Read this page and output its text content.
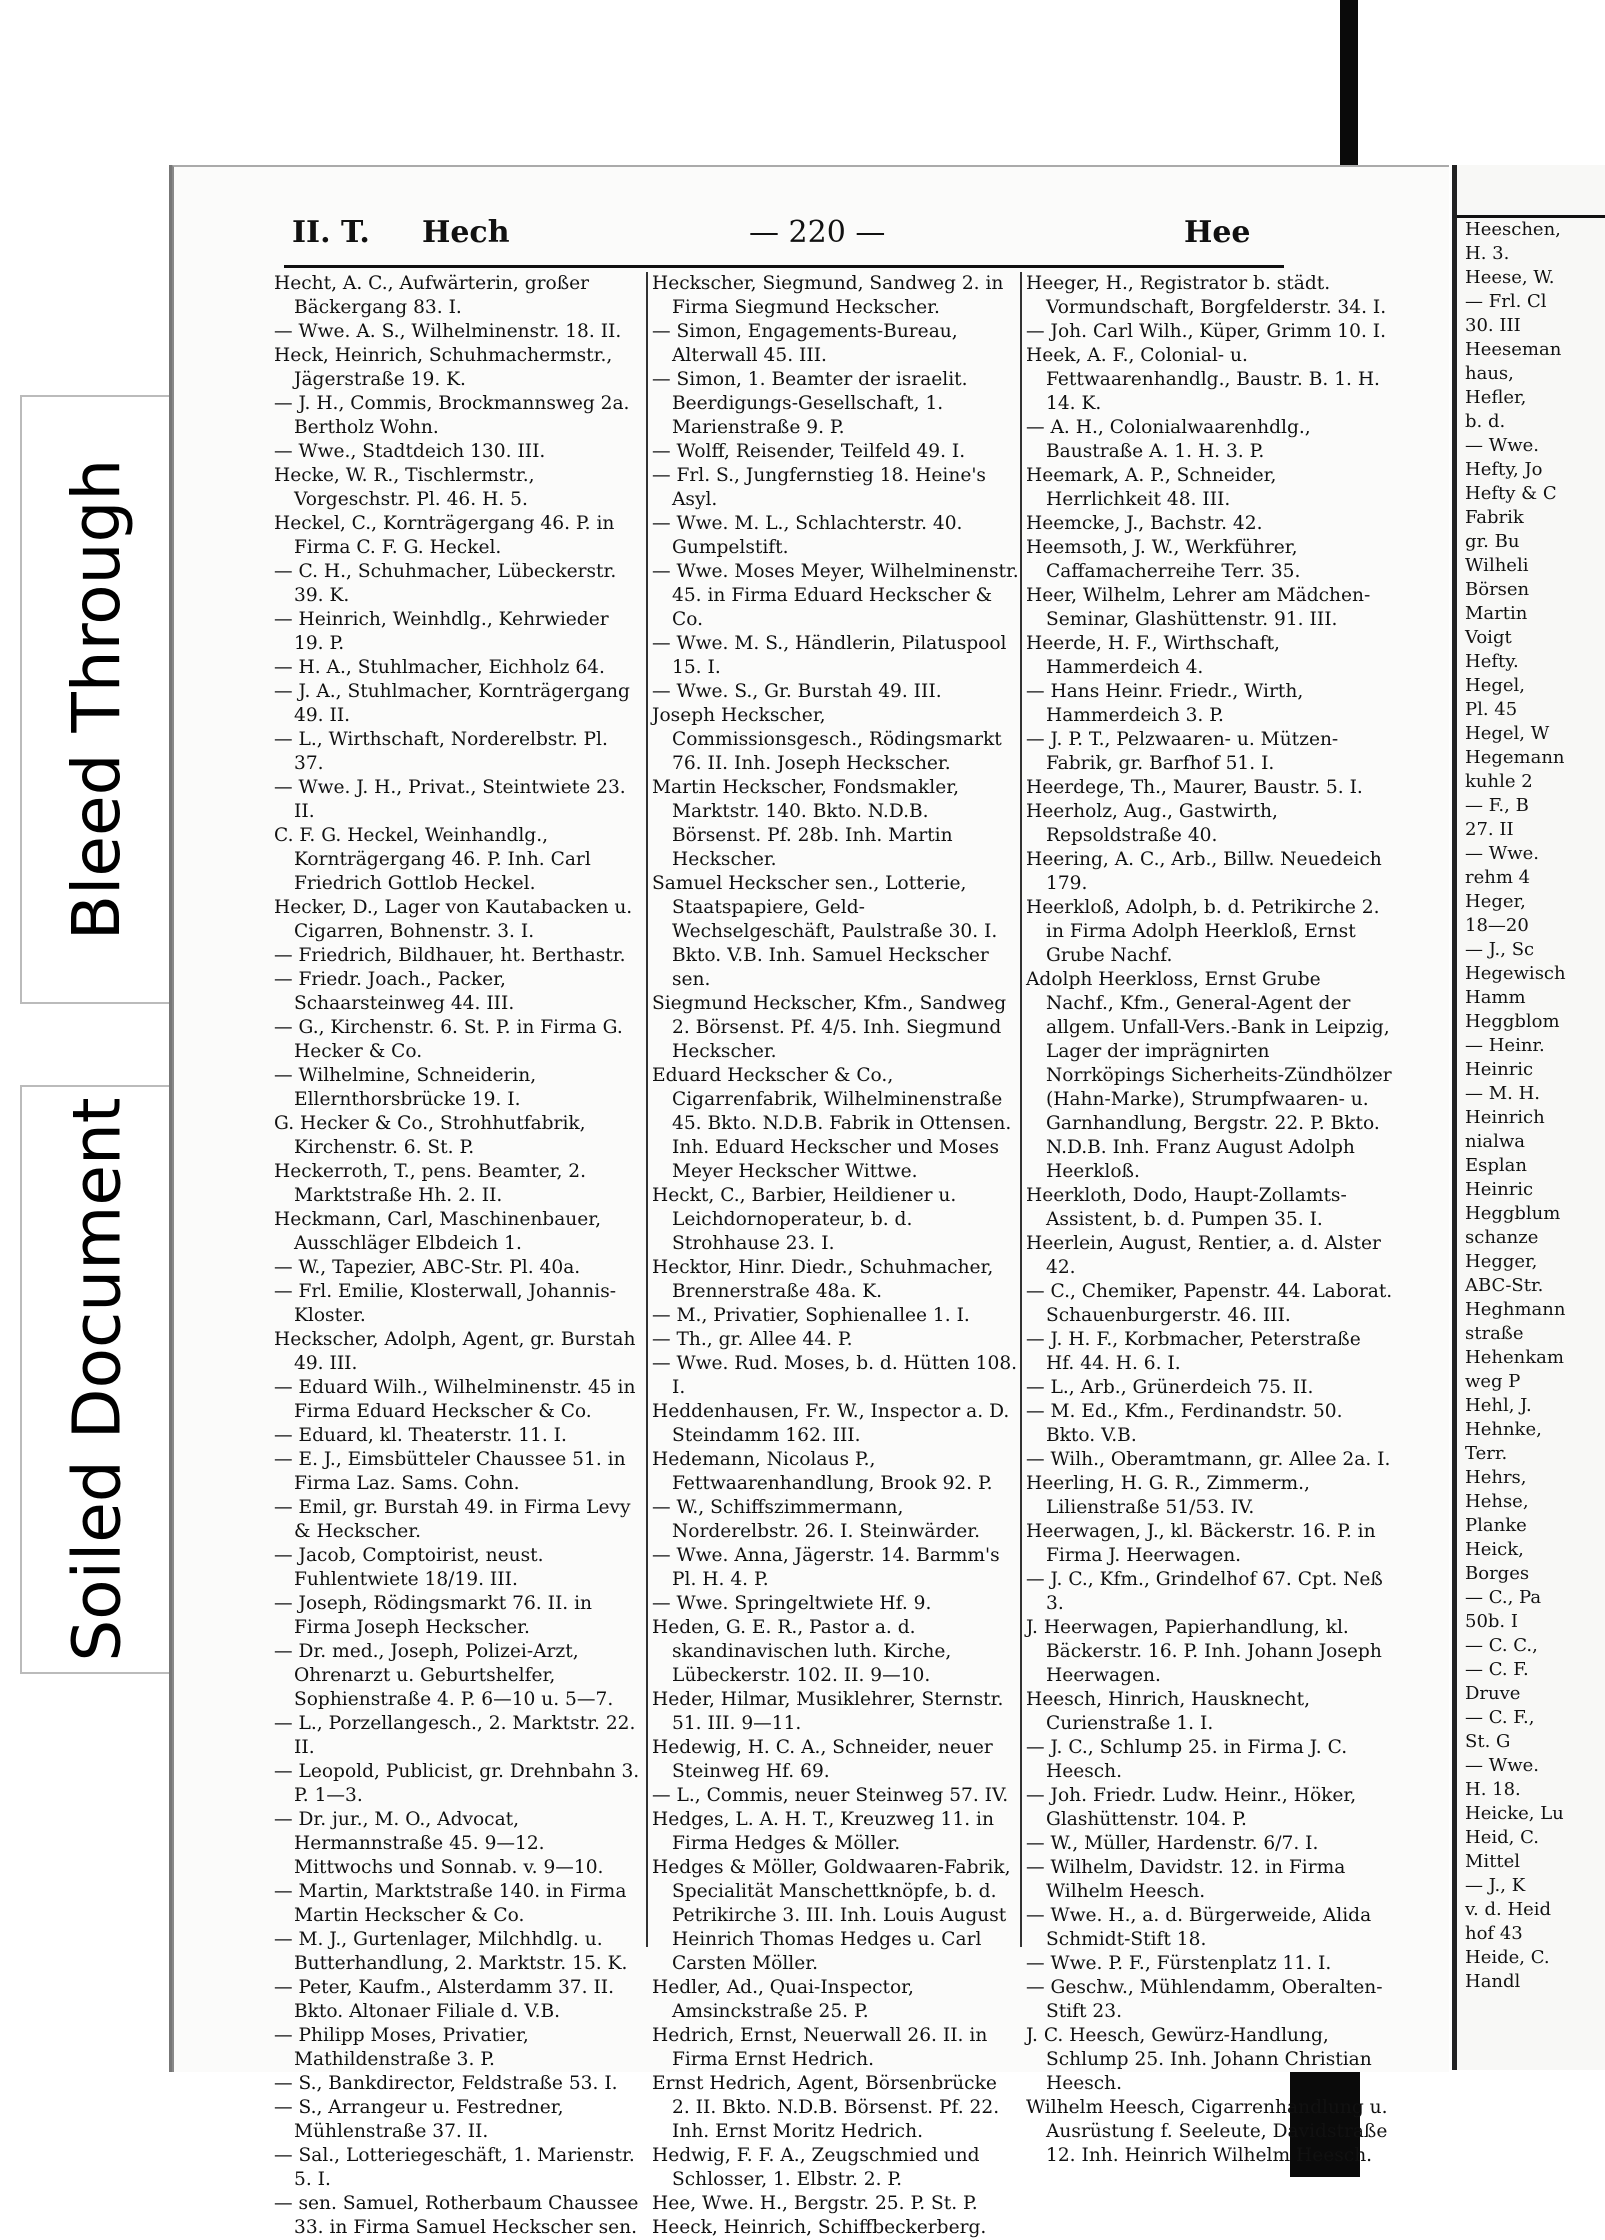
Bleed Through
Soiled Document
II. T. Hech	— 220 —	Hee

Hecht, A. C., Aufwärterin, großer Bäckergang 83. I.

— Wwe. A. S., Wilhelminenstr. 18. II.

Heck, Heinrich, Schuhmachermstr., Jägerstraße 19. K.

— J. H., Commis, Brockmannsweg 2a. Bertholz Wohn.

— Wwe., Stadtdeich 130. III.

Hecke, W. R., Tischlermstr., Vorgeschstr. Pl. 46. H. 5.

Heckel, C., Kornträgergang 46. P. in Firma C. F. G. Heckel.

— C. H., Schuhmacher, Lübeckerstr. 39. K.

— Heinrich, Weinhdlg., Kehrwieder 19. P.

— H. A., Stuhlmacher, Eichholz 64.

— J. A., Stuhlmacher, Kornträgergang 49. II.

— L., Wirthschaft, Norderelbstr. Pl. 37.

— Wwe. J. H., Privat., Steintwiete 23. II.

C. F. G. Heckel, Weinhandlg., Kornträgergang 46. P. Inh. Carl Friedrich Gottlob Heckel.

Hecker, D., Lager von Kautabacken u. Cigarren, Bohnenstr. 3. I.

— Friedrich, Bildhauer, ht. Berthastr.

— Friedr. Joach., Packer, Schaarsteinweg 44. III.

— G., Kirchenstr. 6. St. P. in Firma G. Hecker & Co.

— Wilhelmine, Schneiderin, Ellernthorsbrücke 19. I.

G. Hecker & Co., Strohhutfabrik, Kirchenstr. 6. St. P.

Heckerroth, T., pens. Beamter, 2. Marktstraße Hh. 2. II.

Heckmann, Carl, Maschinenbauer, Ausschläger Elbdeich 1.

— W., Tapezier, ABC-Str. Pl. 40a.

— Frl. Emilie, Klosterwall, Johannis-Kloster.

Heckscher, Adolph, Agent, gr. Burstah 49. III.

— Eduard Wilh., Wilhelminenstr. 45 in Firma Eduard Heckscher & Co.

— Eduard, kl. Theaterstr. 11. I.

— E. J., Eimsbütteler Chaussee 51. in Firma Laz. Sams. Cohn.

— Emil, gr. Burstah 49. in Firma Levy & Heckscher.

— Jacob, Comptoirist, neust. Fuhlentwiete 18/19. III.

— Joseph, Rödingsmarkt 76. II. in Firma Joseph Heckscher.

— Dr. med., Joseph, Polizei-Arzt, Ohrenarzt u. Geburtshelfer, Sophienstraße 4. P. 6—10 u. 5—7.

— L., Porzellangesch., 2. Marktstr. 22. II.

— Leopold, Publicist, gr. Drehnbahn 3. P. 1—3.

— Dr. jur., M. O., Advocat, Hermannstraße 45. 9—12. Mittwochs und Sonnab. v. 9—10.

— Martin, Marktstraße 140. in Firma Martin Heckscher & Co.

— M. J., Gurtenlager, Milchhdlg. u. Butterhandlung, 2. Marktstr. 15. K.

— Peter, Kaufm., Alsterdamm 37. II. Bkto. Altonaer Filiale d. V.B.

— Philipp Moses, Privatier, Mathildenstraße 3. P.

— S., Bankdirector, Feldstraße 53. I.

— S., Arrangeur u. Festredner, Mühlenstraße 37. II.

— Sal., Lotteriegeschäft, 1. Marienstr. 5. I.

— sen. Samuel, Rotherbaum Chaussee 33. in Firma Samuel Heckscher sen.

Heckscher, Siegmund, Sandweg 2. in Firma Siegmund Heckscher.

— Simon, Engagements-Bureau, Alterwall 45. III.

— Simon, 1. Beamter der israelit. Beerdigungs-Gesellschaft, 1. Marienstraße 9. P.

— Wolff, Reisender, Teilfeld 49. I.

— Frl. S., Jungfernstieg 18. Heine's Asyl.

— Wwe. M. L., Schlachterstr. 40. Gumpelstift.

— Wwe. Moses Meyer, Wilhelminenstr. 45. in Firma Eduard Heckscher & Co.

— Wwe. M. S., Händlerin, Pilatuspool 15. I.

— Wwe. S., Gr. Burstah 49. III.

Joseph Heckscher, Commissionsgesch., Rödingsmarkt 76. II. Inh. Joseph Heckscher.

Martin Heckscher, Fondsmakler, Marktstr. 140. Bkto. N.D.B. Börsenst. Pf. 28b. Inh. Martin Heckscher.

Samuel Heckscher sen., Lotterie, Staatspapiere, Geld-Wechselgeschäft, Paulstraße 30. I. Bkto. V.B. Inh. Samuel Heckscher sen.

Siegmund Heckscher, Kfm., Sandweg 2. Börsenst. Pf. 4/5. Inh. Siegmund Heckscher.

Eduard Heckscher & Co., Cigarrenfabrik, Wilhelminenstraße 45. Bkto. N.D.B. Fabrik in Ottensen. Inh. Eduard Heckscher und Moses Meyer Heckscher Wittwe.

Heckt, C., Barbier, Heildiener u. Leichdornoperateur, b. d. Strohhause 23. I.

Hecktor, Hinr. Diedr., Schuhmacher, Brennerstraße 48a. K.

— M., Privatier, Sophienallee 1. I.

— Th., gr. Allee 44. P.

— Wwe. Rud. Moses, b. d. Hütten 108. I.

Heddenhausen, Fr. W., Inspector a. D. Steindamm 162. III.

Hedemann, Nicolaus P., Fettwaarenhandlung, Brook 92. P.

— W., Schiffszimmermann, Norderelbstr. 26. I. Steinwärder.

— Wwe. Anna, Jägerstr. 14. Barmm's Pl. H. 4. P.

— Wwe. Springeltwiete Hf. 9.

Heden, G. E. R., Pastor a. d. skandinavischen luth. Kirche, Lübeckerstr. 102. II. 9—10.

Heder, Hilmar, Musiklehrer, Sternstr. 51. III. 9—11.

Hedewig, H. C. A., Schneider, neuer Steinweg Hf. 69.

— L., Commis, neuer Steinweg 57. IV.

Hedges, L. A. H. T., Kreuzweg 11. in Firma Hedges & Möller.

Hedges & Möller, Goldwaaren-Fabrik, Specialität Manschettknöpfe, b. d. Petrikirche 3. III. Inh. Louis August Heinrich Thomas Hedges u. Carl Carsten Möller.

Hedler, Ad., Quai-Inspector, Amsinckstraße 25. P.

Hedrich, Ernst, Neuerwall 26. II. in Firma Ernst Hedrich.

Ernst Hedrich, Agent, Börsenbrücke 2. II. Bkto. N.D.B. Börsenst. Pf. 22. Inh. Ernst Moritz Hedrich.

Hedwig, F. F. A., Zeugschmied und Schlosser, 1. Elbstr. 2. P.

Hee, Wwe. H., Bergstr. 25. P. St. P.

Heeck, Heinrich, Schiffbeckerberg.

Heeger, H., Registrator b. städt. Vormundschaft, Borgfelderstr. 34. I.

— Joh. Carl Wilh., Küper, Grimm 10. I.

Heek, A. F., Colonial- u. Fettwaarenhandlg., Baustr. B. 1. H. 14. K.

— A. H., Colonialwaarenhdlg., Baustraße A. 1. H. 3. P.

Heemark, A. P., Schneider, Herrlichkeit 48. III.

Heemcke, J., Bachstr. 42.

Heemsoth, J. W., Werkführer, Caffamacherreihe Terr. 35.

Heer, Wilhelm, Lehrer am Mädchen-Seminar, Glashüttenstr. 91. III.

Heerde, H. F., Wirthschaft, Hammerdeich 4.

— Hans Heinr. Friedr., Wirth, Hammerdeich 3. P.

— J. P. T., Pelzwaaren- u. Mützen-Fabrik, gr. Barfhof 51. I.

Heerdege, Th., Maurer, Baustr. 5. I.

Heerholz, Aug., Gastwirth, Repsoldstraße 40.

Heering, A. C., Arb., Billw. Neuedeich 179.

Heerkloß, Adolph, b. d. Petrikirche 2. in Firma Adolph Heerkloß, Ernst Grube Nachf.

Adolph Heerkloss, Ernst Grube Nachf., Kfm., General-Agent der allgem. Unfall-Vers.-Bank in Leipzig, Lager der imprägnirten Norrköpings Sicherheits-Zündhölzer (Hahn-Marke), Strumpfwaaren- u. Garnhandlung, Bergstr. 22. P. Bkto. N.D.B. Inh. Franz August Adolph Heerkloß.

Heerkloth, Dodo, Haupt-Zollamts-Assistent, b. d. Pumpen 35. I.

Heerlein, August, Rentier, a. d. Alster 42.

— C., Chemiker, Papenstr. 44. Laborat. Schauenburgerstr. 46. III.

— J. H. F., Korbmacher, Peterstraße Hf. 44. H. 6. I.

— L., Arb., Grünerdeich 75. II.

— M. Ed., Kfm., Ferdinandstr. 50. Bkto. V.B.

— Wilh., Oberamtmann, gr. Allee 2a. I.

Heerling, H. G. R., Zimmerm., Lilienstraße 51/53. IV.

Heerwagen, J., kl. Bäckerstr. 16. P. in Firma J. Heerwagen.

— J. C., Kfm., Grindelhof 67. Cpt. Neß 3.

J. Heerwagen, Papierhandlung, kl. Bäckerstr. 16. P. Inh. Johann Joseph Heerwagen.

Heesch, Hinrich, Hausknecht, Curienstraße 1. I.

— J. C., Schlump 25. in Firma J. C. Heesch.

— Joh. Friedr. Ludw. Heinr., Höker, Glashüttenstr. 104. P.

— W., Müller, Hardenstr. 6/7. I.

— Wilhelm, Davidstr. 12. in Firma Wilhelm Heesch.

— Wwe. H., a. d. Bürgerweide, Alida Schmidt-Stift 18.

— Wwe. P. F., Fürstenplatz 11. I.

— Geschw., Mühlendamm, Oberalten-Stift 23.

J. C. Heesch, Gewürz-Handlung, Schlump 25. Inh. Johann Christian Heesch.

Wilhelm Heesch, Cigarrenhandlung u. Ausrüstung f. Seeleute, Davidstraße 12. Inh. Heinrich Wilhelm Heesch.

Heeschen,

H. 3.

Heese, W.

— Frl. Cl

30. III

Heeseman

haus,

Hefler,

b. d.

— Wwe.

Hefty, Jo

Hefty & C

Fabrik

gr. Bu

Wilheli

Börsen

Martin

Voigt

Hefty.

Hegel,

Pl. 45

Hegel, W

Hegemann

kuhle 2

— F., B

27. II

— Wwe.

rehm 4

Heger,

18—20

— J., Sc

Hegewisch

Hamm

Heggblom

— Heinr.

Heinric

— M. H.

Heinrich

nialwa

Esplan

Heinric

Heggblum

schanze

Hegger,

ABC-Str.

Heghmann

straße

Hehenkam

weg P

Hehl, J.

Hehnke,

Terr.

Hehrs,

Hehse,

Planke

Heick,

Borges

— C., Pa

50b. I

— C. C.,

— C. F.

Druve

— C. F.,

St. G

— Wwe.

H. 18.

Heicke, Lu

Heid, C.

Mittel

— J., K

v. d. Heid

hof 43

Heide, C.

Handl
